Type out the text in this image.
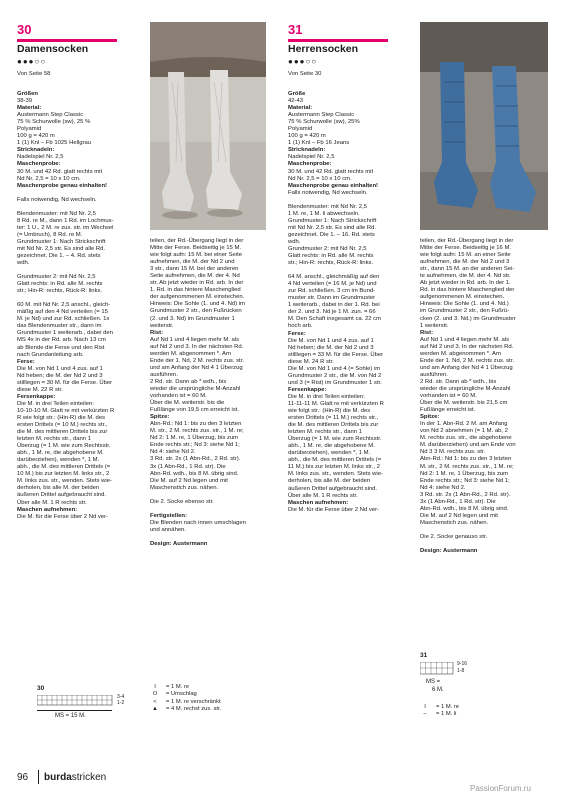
30
Damensocken
●●●○○
Von Seite 58

Größen

38-39

Material:

Austermann Step Classic

75 % Schurwolle (sw), 25 %

Polyamid

100 g = 420 m

1 (1) Knl – Fb 1025 Hellgrau

Stricknadeln:

Nadelspiel Nr. 2,5

Maschenprobe:

30 M. und 42 Rd. glatt rechts mit

Nd Nr. 2,5 = 10 x 10 cm.

Maschenprobe genau einhalten!

Falls notwendig, Nd wechseln.

Blendenmuster: mit Nd Nr. 2,5

8 Rd. re M., dann 1 Rd. im Lochmus-

ter: 1 U., 2 M. re zus. str. im Wechsel

(= Umbruch), 8 Rd. re M.

Grundmuster 1: Nach Strickschrift

mit Nd Nr. 2,5 str. Es sind alle Rd.

gezeichnet. Die 1. – 4. Rd. stets

wdh.

Grundmuster 2: mit Nd Nr. 2,5

Glatt rechts: in Rd. alle M. rechts

str.; Hin-R: rechts, Rück-R: links.

60 M. mit Nd Nr. 2,5 anschl., gleich-

mäßig auf den 4 Nd verteilen (= 15

M. je Nd) und zur Rd. schließen. 1x

das Blendenmuster str., dann im

Grundmuster 1 weiterarb., dabei den

MS 4x in der Rd. arb. Nach 13 cm

ab Blende die Ferse und den Rist

nach Grundanleitung arb.

Ferse:

Die M. von Nd 1 und 4 zus. auf 1

Nd heben; die M. der Nd 2 und 3

stilllegen = 30 M. für die Ferse. Über

diese M. 22 R str.

Fersenkappe:

Die M. in drei Teilen einteilen:

10-10-10 M. Glatt re mit verkürzten R

R wie folgt str.: (Hin-R) die M. des

ersten Drittels (= 10 M.) rechts str.,

die M. des mittleren Drittels bis zur

letzten M. rechts str., dann 1

Überzug (= 1 M. wie zum Rechtsstr.

abh., 1 M. re, die abgehobene M.

darüberziehen), wenden *, 1 M.

abh., die M. des mittleren Drittels (=

10 M.) bis zur letzten M. links str., 2

M. links zus. str., wenden. Stets wie-

derholen, bis alle M. der beiden

äußeren Drittel aufgebraucht sind.

Über alle M. 1 R rechts str.

Maschen aufnehmen:

Die M. für die Ferse über 2 Nd ver-

teilen, der Rd.-Übergang liegt in der

Mitte der Ferse. Beidseitig je 15 M.

wie folgt aufn: 15 M. bei einer Seite

aufnehmen, die M. der Nd 2 und

3 str., dann 15 M. bei der anderen

Seite aufnehmen, die M. der 4. Nd

str. Ab jetzt wieder in Rd. arb. In der

1. Rd. in das hintere Maschenglied

der aufgenommenen M. einstechen.

Hinweis: Die Sohle (1. und 4. Nd) im

Grundmuster 2 str., den Fußrücken

(2. und 3. Nd) im Grundmuster 1

weiterstr.

Rist:

Auf Nd 1 und 4 liegen mehr M. als

auf Nd 2 und 3. In der nächsten Rd.

werden M. abgenommen *. Am

Ende der 1. Nd, 2 M. rechts zus. str.

und am Anfang der Nd 4 1 Überzug

ausführen.

2 Rd. str. Dann ab * wdh., bis

wieder die ursprüngliche M-Anzahl

vorhanden ist = 60 M.

Über die M. weiterstr. bis die

Fußlänge von 19,5 cm erreicht ist.

Spitze:

Abn-Rd.: Nd 1: bis zu den 3 letzten

M. str., 2 M. rechts zus. str., 1 M. re;

Nd 2: 1 M. re, 1 Überzug, bis zum

Ende rechts str.; Nd 3: siehe Nd 1;

Nd 4: siehe Nd 2.

3 Rd. str. 2x (1 Abn-Rd., 2 Rd. str).

3x (1 Abn-Rd., 1 Rd. str). Die

Abn-Rd. wdh., bis 8 M. übrig sind.

Die M. auf 2 Nd legen und mit

Maschenstich zus. nähen.

Die 2. Socke ebenso str.

Fertigstellen:

Die Blenden nach innen umschlagen

und annähen.

Design: Austermann

31
Herrensocken
●●●○○
Von Seite 30

Größe

42-43

Material:

Austermann Step Classic

75 % Schurwolle (sw), 25%

Polyamid

100 g = 420 m

1 (1) Knl – Fb 16 Jeans

Stricknadeln:

Nadelspiel Nr. 2,5

Maschenprobe:

30 M. und 42 Rd. glatt rechts mit

Nd Nr. 2,5 = 10 x 10 cm.

Maschenprobe genau einhalten!

Falls notwendig, Nd wechseln.

Blendenmuster: mit Nd Nr. 2,5

1 M. re, 1 M. li abwechseln.

Grundmuster 1: Nach Strickschrift

mit Nd Nr. 2,5 str. Es sind alle Rd.

gezeichnet. Die 1. – 16. Rd. stets

wdh.

Grundmuster 2: mit Nd Nr. 2,5

Glatt rechts: in Rd. alle M. rechts

str.; Hin-R: rechts, Rück-R: links.

64 M. anschl., gleichmäßig auf den

4 Nd verteilen (= 16 M. je Nd) und

zur Rd. schließen. 3 cm im Bund-

muster str. Dann im Grundmuster

1 weiterarb., dabei in der 1. Rd. bei

der 2. und 3. Nd je 1 M. zun. = 66

M. Den Schaft insgesamt ca. 22 cm

hoch arb.

Ferse:

Die M. von Nd 1 und 4 zus. auf 1

Nd heben; die M. der Nd 2 und 3

stilllegen = 33 M. für die Ferse. Über

diese M. 24 R str.

Die M. von Nd 1 und 4 (= Sohle) im

Grundmuster 2 str., die M. von Nd 2

und 3 (= Rist) im Grundmuster 1 str.

Fersenkappe:

Die M. in drei Teilen einteilen:

11-11-11 M. Glatt re mit verkürzten R

wie folgt str.: (Hin-R) die M. des

ersten Drittels (= 11 M.) rechts str.,

die M. des mittleren Drittels bis zur

letzten M. rechts str., dann 1

Überzug (= 1 M. wie zum Rechtsstr.

abh., 1 M. re, die abgehobene M.

darüberziehen), wenden *, 1 M.

abh., die M. des mittleren Drittels (=

11 M.) bis zur letzten M. links str., 2

M. links zus. str., wenden. Stets wie-

derholen, bis alle M. der beiden

äußeren Drittel aufgebraucht sind.

Über alle M. 1 R rechts str.

Maschen aufnehmen:

Die M. für die Ferse über 2 Nd ver-

teilen, der Rd.-Übergang liegt in der

Mitte der Ferse. Beidseitig je 16 M.

wie folgt aufn: 15 M. an einer Seite

aufnehmen, die M. der Nd 2 und 3

str., dann 15 M. an der anderen Sei-

te aufnehmen, die M. der 4. Nd str.

Ab jetzt wieder in Rd. arb. In der 1.

Rd. in das hintere Maschenglied der

aufgenommenen M. einstechen.

Hinweis: Die Sohle (1. und 4. Nd.)

im Grundmuster 2 str., den Fußrü-

cken (2. und 3. Nd.) im Grundmuster

1 weiterstr.

Rist:

Auf Nd 1 und 4 liegen mehr M. als

auf Nd 2 und 3. In der nächsten Rd.

werden M. abgenommen *. Am

Ende der 1. Nd, 2 M. rechts zus. str.

und am Anfang der Nd 4 1 Überzug

ausführen.

2 Rd. str. Dann ab * wdh., bis

wieder die ursprüngliche M-Anzahl

vorhanden ist = 60 M.

Über die M. weiterstr. bis 21,5 cm

Fußlänge erreicht ist.

Spitze:

In der 1. Abn-Rd. 2 M. am Anfang

von Nd 2 abnehmen (= 1 M. ab, 2

M. rechts zus. str., die abgehobene

M. darüberziehen) und am Ende von

Nd 3 3 M. rechts zus. str.

Abn-Rd.: Nd 1: bis zu den 3 letzten

M. str., 2 M. rechts zus. str., 1 M. re;

Nd 2: 1 M. re, 1 Überzug, bis zum

Ende rechts str.; Nd 3: siehe Nd 1;

Nd 4: siehe Nd 2.

3 Rd. str. 2x (1 Abn-Rd., 2 Rd. str).

3x (1 Abn-Rd., 1 Rd. str). Die

Abn-Rd. wdh., bis 8 M. übrig sind.

Die M. auf 2 Nd legen und mit

Maschenstich zus. nähen.

Die 2. Socke genauso str.

Design: Austermann

30
3-4
1-2
MS = 15 M.
I	= 1 M. re
O	= Umschlag
<	= 1 M. re verschränkt
▲	= 4 M. rechst zus. str.
31
9-16
1-8
MS =
6 M.
I	= 1 M. re
–	= 1 M. li
96 burdastricken
PassionForum.ru
